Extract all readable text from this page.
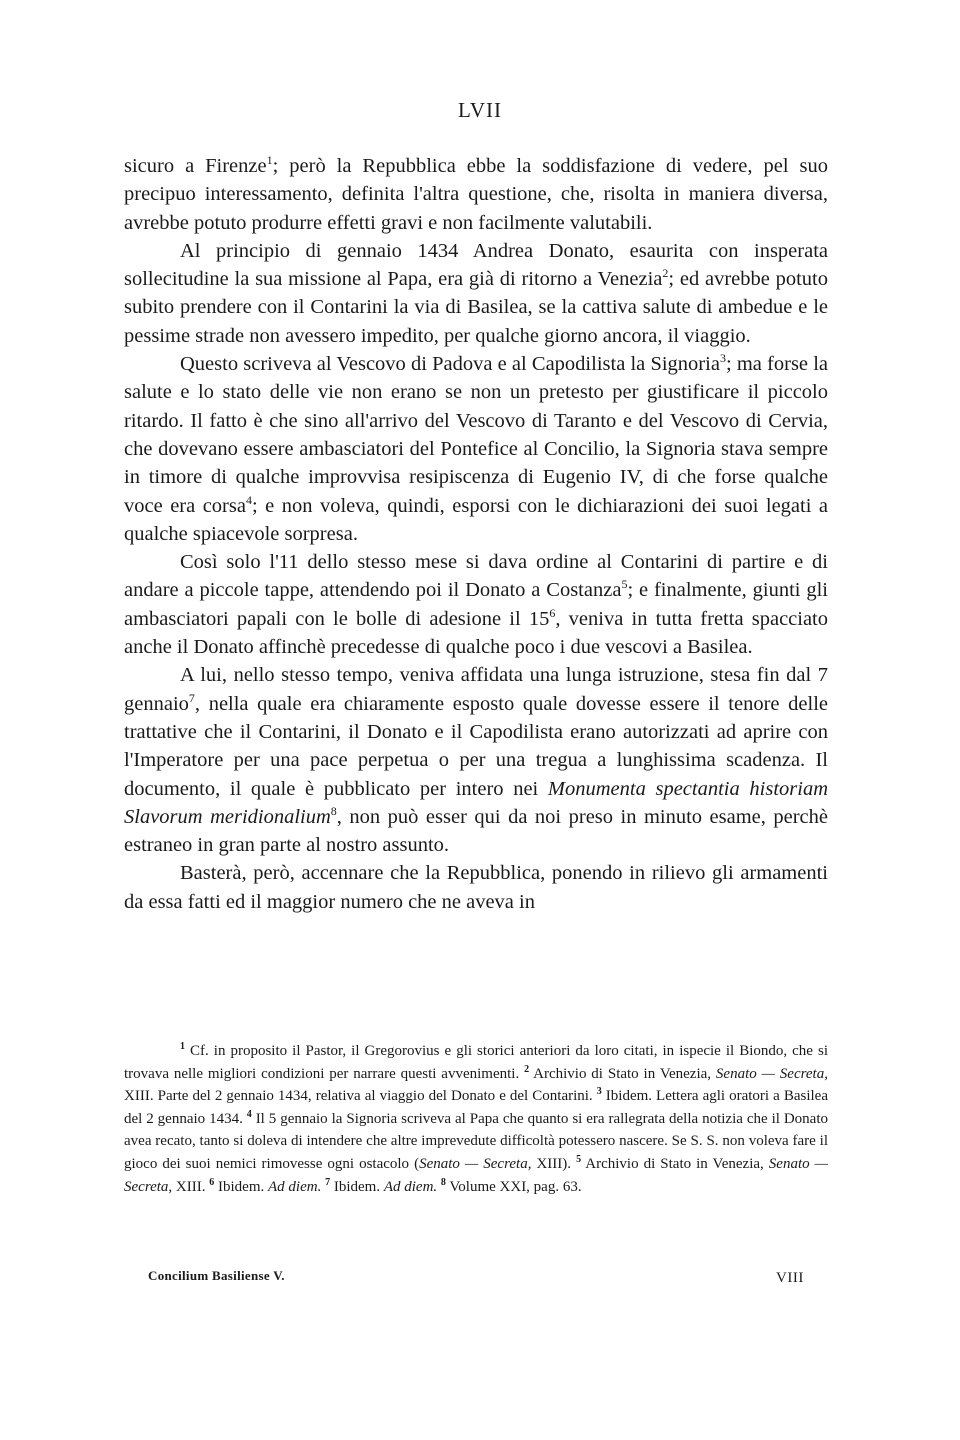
LVII

sicuro a Firenze$^1$; però la Repubblica ebbe la soddisfazione di vedere, pel suo precipuo interessamento, definita l'altra questione, che, risolta in maniera diversa, avrebbe potuto produrre effetti gravi e non facilmente valutabili.

Al principio di gennaio 1434 Andrea Donato, esaurita con insperata sollecitudine la sua missione al Papa, era già di ritorno a Venezia$^2$; ed avrebbe potuto subito prendere con il Contarini la via di Basilea, se la cattiva salute di ambedue e le pessime strade non avessero impedito, per qualche giorno ancora, il viaggio.

Questo scriveva al Vescovo di Padova e al Capodilista la Signoria$^3$; ma forse la salute e lo stato delle vie non erano se non un pretesto per giustificare il piccolo ritardo. Il fatto è che sino all'arrivo del Vescovo di Taranto e del Vescovo di Cervia, che dovevano essere ambasciatori del Pontefice al Concilio, la Signoria stava sempre in timore di qualche improvvisa resipiscenza di Eugenio IV, di che forse qualche voce era corsa$^4$; e non voleva, quindi, esporsi con le dichiarazioni dei suoi legati a qualche spiacevole sorpresa.

Così solo l'11 dello stesso mese si dava ordine al Contarini di partire e di andare a piccole tappe, attendendo poi il Donato a Costanza$^5$; e finalmente, giunti gli ambasciatori papali con le bolle di adesione il $15^6$, veniva in tutta fretta spacciato anche il Donato affinchè precedesse di qualche poco i due vescovi a Basilea.

A lui, nello stesso tempo, veniva affidata una lunga istruzione, stesa fin dal 7 gennaio$^7$, nella quale era chiaramente esposto quale dovesse essere il tenore delle trattative che il Contarini, il Donato e il Capodilista erano autorizzati ad aprire con l'Imperatore per una pace perpetua o per una tregua a lunghissima scadenza. Il documento, il quale è pubblicato per intero nei Monumenta spectantia historiam Slavorum meridionalium$^8$, non può esser qui da noi preso in minuto esame, perchè estraneo in gran parte al nostro assunto.

Basterà, però, accennare che la Repubblica, ponendo in rilievo gli armamenti da essa fatti ed il maggior numero che ne aveva in

$^1$ Cf. in proposito il Pastor, il Gregorovius e gli storici anteriori da loro citati, in ispecie il Biondo, che si trovava nelle migliori condizioni per narrare questi avvenimenti. $^2$ Archivio di Stato in Venezia, Senato — Secreta, XIII. Parte del 2 gennaio 1434, relativa al viaggio del Donato e del Contarini. $^3$ Ibidem. Lettera agli oratori a Basilea del 2 gennaio 1434. $^4$ Il 5 gennaio la Signoria scriveva al Papa che quanto si era rallegrata della notizia che il Donato avea recato, tanto si doleva di intendere che altre imprevedute difficoltà potessero nascere. Se S. S. non voleva fare il gioco dei suoi nemici rimovesse ogni ostacolo (Senato — Secreta, XIII). $^5$ Archivio di Stato in Venezia, Senato — Secreta, XIII. $^6$ Ibidem. Ad diem. $^7$ Ibidem. Ad diem. $^8$ Volume XXI, pag. 63.

Concilium Basiliense V.	VIII
